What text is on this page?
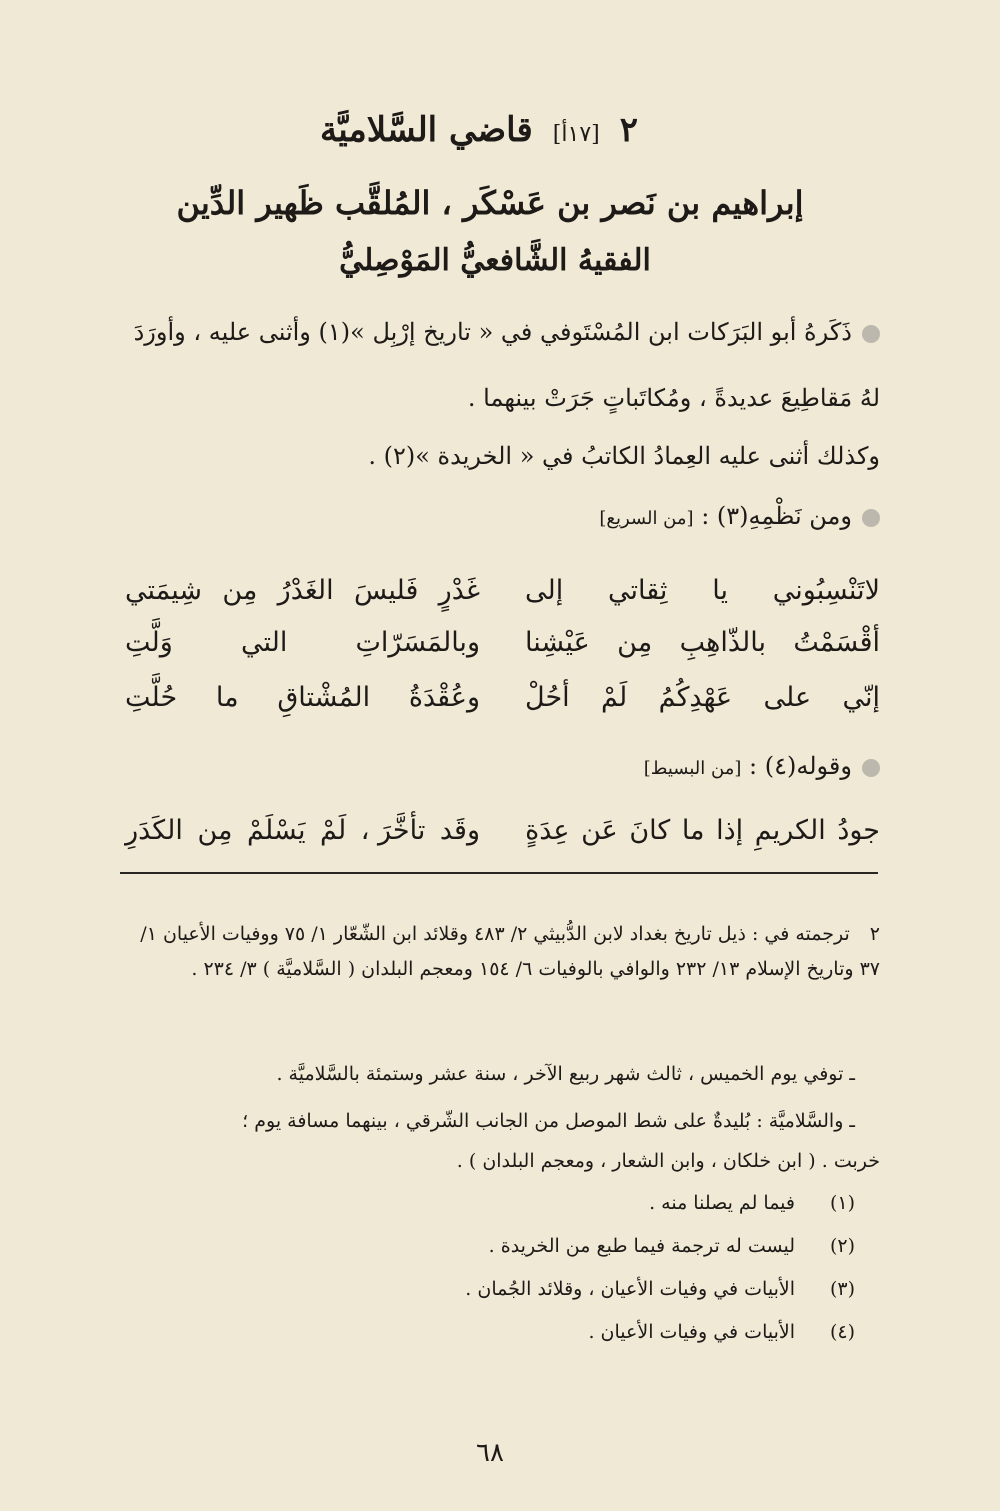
٢
[١٧أ]
قاضي السَّلاميَّة
إبراهيم بن نَصر بن عَسْكَر ، المُلقَّب ظَهير الدِّين
الفقيهُ الشَّافعيُّ المَوْصِليُّ
ذَكَرهُ أبو البَرَكات ابن المُسْتَوفي في « تاريخ إرْبِل »(١) وأثنى عليه ، وأورَدَ
لهُ مَقاطِيعَ عديدةً ، ومُكاتَباتٍ جَرَتْ بينهما .
وكذلك أثنى عليه العِمادُ الكاتبُ في « الخريدة »(٢) .
ومن نَظْمِهِ(٣) : [من السريع]
لاتَنْسِبُوني
يا
ثِقاتي
إلى
غَدْرٍ
فَليسَ
الغَدْرُ
مِن
شِيمَتي
أقْسَمْتُ
بالذّاهِبِ
مِن
عَيْشِنا
وبالمَسَرّاتِ
التي
وَلَّتِ
إنّي
على
عَهْدِكُمُ
لَمْ
أحُلْ
وعُقْدَةُ
المُشْتاقِ
ما
حُلَّتِ
وقوله(٤) : [من البسيط]
جودُ
الكريمِ
إذا
ما
كانَ
عَن
عِدَةٍ
وقَد
تأخَّرَ ،
لَمْ
يَسْلَمْ
مِن
الكَدَرِ
٢ترجمته في : ذيل تاريخ بغداد لابن الدُّبيثي ٢/ ٤٨٣ وقلائد ابن الشّعّار ١/ ٧٥ ووفيات الأعيان ١/ ٣٧ وتاريخ الإسلام ١٣/ ٢٣٢ والوافي بالوفيات ٦/ ١٥٤ ومعجم البلدان ( السَّلاميَّة ) ٣/ ٢٣٤ .
ـ توفي يوم الخميس ، ثالث شهر ربيع الآخر ، سنة عشر وستمئة بالسَّلاميَّة .
ـ والسَّلاميَّة : بُليدةٌ على شط الموصل من الجانب الشّرقي ، بينهما مسافة يوم ؛
خربت . ( ابن خلكان ، وابن الشعار ، ومعجم البلدان ) .
(١)
فيما لم يصلنا منه .
(٢)
ليست له ترجمة فيما طبع من الخريدة .
(٣)
الأبيات في وفيات الأعيان ، وقلائد الجُمان .
(٤)
الأبيات في وفيات الأعيان .
٦٨
